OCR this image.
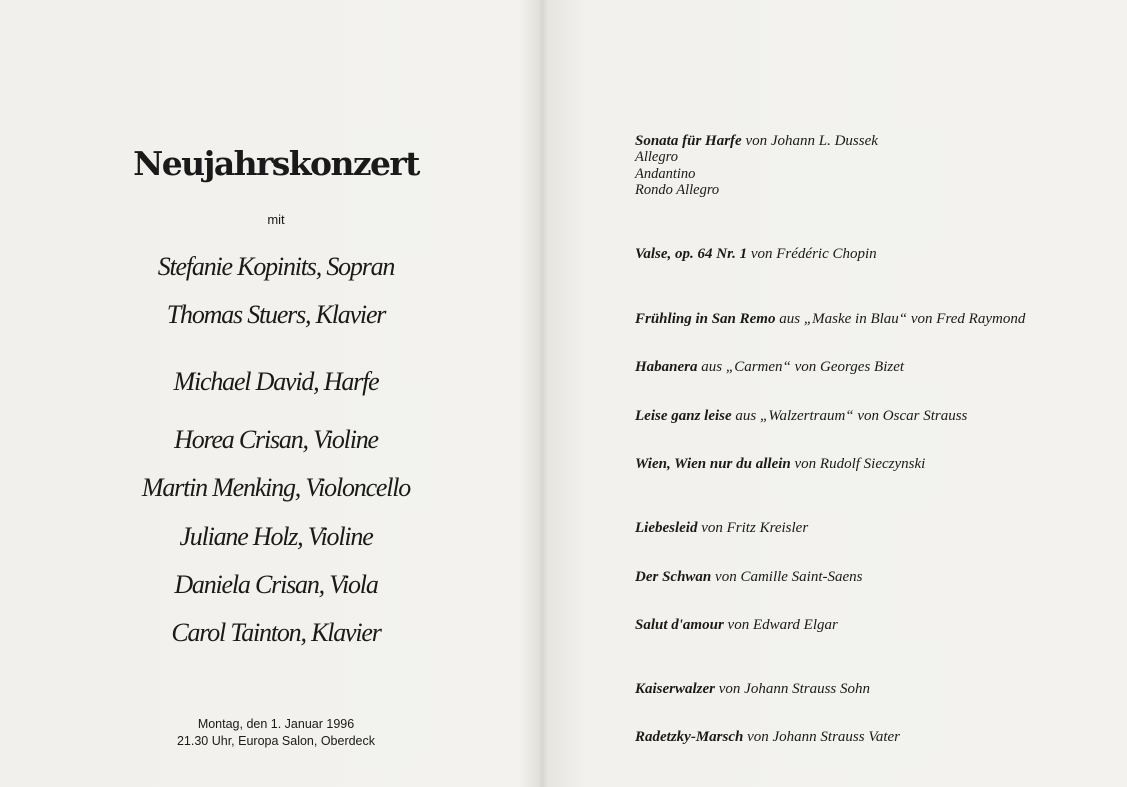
Neujahrskonzert
mit
Stefanie Kopinits, Sopran
Thomas Stuers, Klavier
Michael David, Harfe
Horea Crisan, Violine
Martin Menking, Violoncello
Juliane Holz, Violine
Daniela Crisan, Viola
Carol Tainton, Klavier
Montag, den 1. Januar 1996
21.30 Uhr, Europa Salon, Oberdeck
Sonata für Harfe von Johann L. Dussek
Allegro
Andantino
Rondo Allegro
Valse, op. 64 Nr. 1 von Frédéric Chopin
Frühling in San Remo aus „Maske in Blau“ von Fred Raymond
Habanera aus „Carmen“ von Georges Bizet
Leise ganz leise aus „Walzertraum“ von Oscar Strauss
Wien, Wien nur du allein von Rudolf Sieczynski
Liebesleid von Fritz Kreisler
Der Schwan von Camille Saint-Saens
Salut d'amour von Edward Elgar
Kaiserwalzer von Johann Strauss Sohn
Radetzky-Marsch von Johann Strauss Vater
